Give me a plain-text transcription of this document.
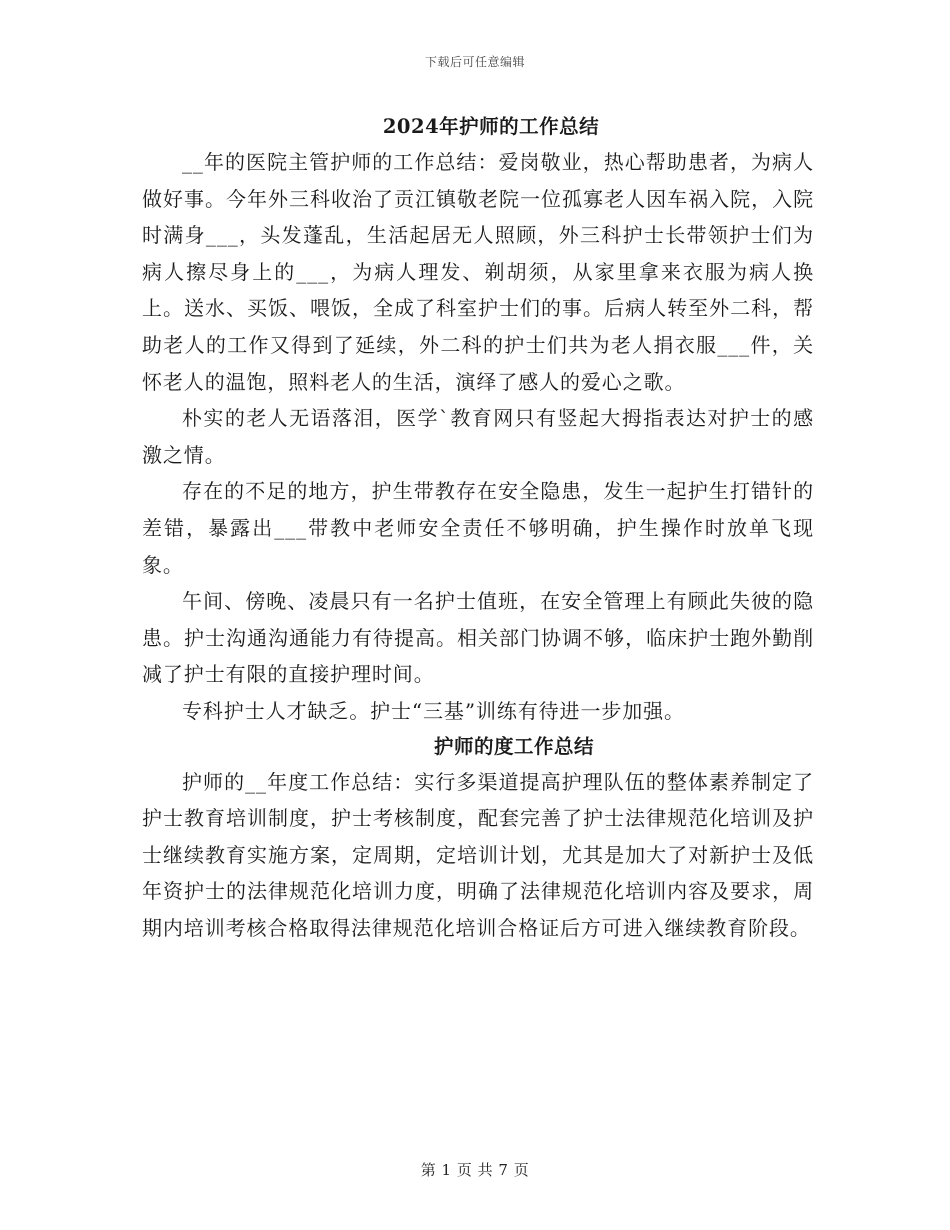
下载后可任意编辑
2024年护师的工作总结

__年的医院主管护师的工作总结：爱岗敬业，热心帮助患者，为病人做好事。今年外三科收治了贡江镇敬老院一位孤寡老人因车祸入院，入院时满身___，头发蓬乱，生活起居无人照顾，外三科护士长带领护士们为病人擦尽身上的___，为病人理发、剃胡须，从家里拿来衣服为病人换上。送水、买饭、喂饭，全成了科室护士们的事。后病人转至外二科，帮助老人的工作又得到了延续，外二科的护士们共为老人捐衣服___件，关怀老人的温饱，照料老人的生活，演绎了感人的爱心之歌。

朴实的老人无语落泪，医学`教育网只有竖起大拇指表达对护士的感激之情。

存在的不足的地方，护生带教存在安全隐患，发生一起护生打错针的差错，暴露出___带教中老师安全责任不够明确，护生操作时放单飞现象。

午间、傍晚、凌晨只有一名护士值班，在安全管理上有顾此失彼的隐患。护士沟通沟通能力有待提高。相关部门协调不够，临床护士跑外勤削减了护士有限的直接护理时间。

专科护士人才缺乏。护士“三基”训练有待进一步加强。

护师的度工作总结

护师的__年度工作总结：实行多渠道提高护理队伍的整体素养制定了护士教育培训制度，护士考核制度，配套完善了护士法律规范化培训及护士继续教育实施方案，定周期，定培训计划，尤其是加大了对新护士及低年资护士的法律规范化培训力度，明确了法律规范化培训内容及要求，周期内培训考核合格取得法律规范化培训合格证后方可进入继续教育阶段。

第 1 页 共 7 页
